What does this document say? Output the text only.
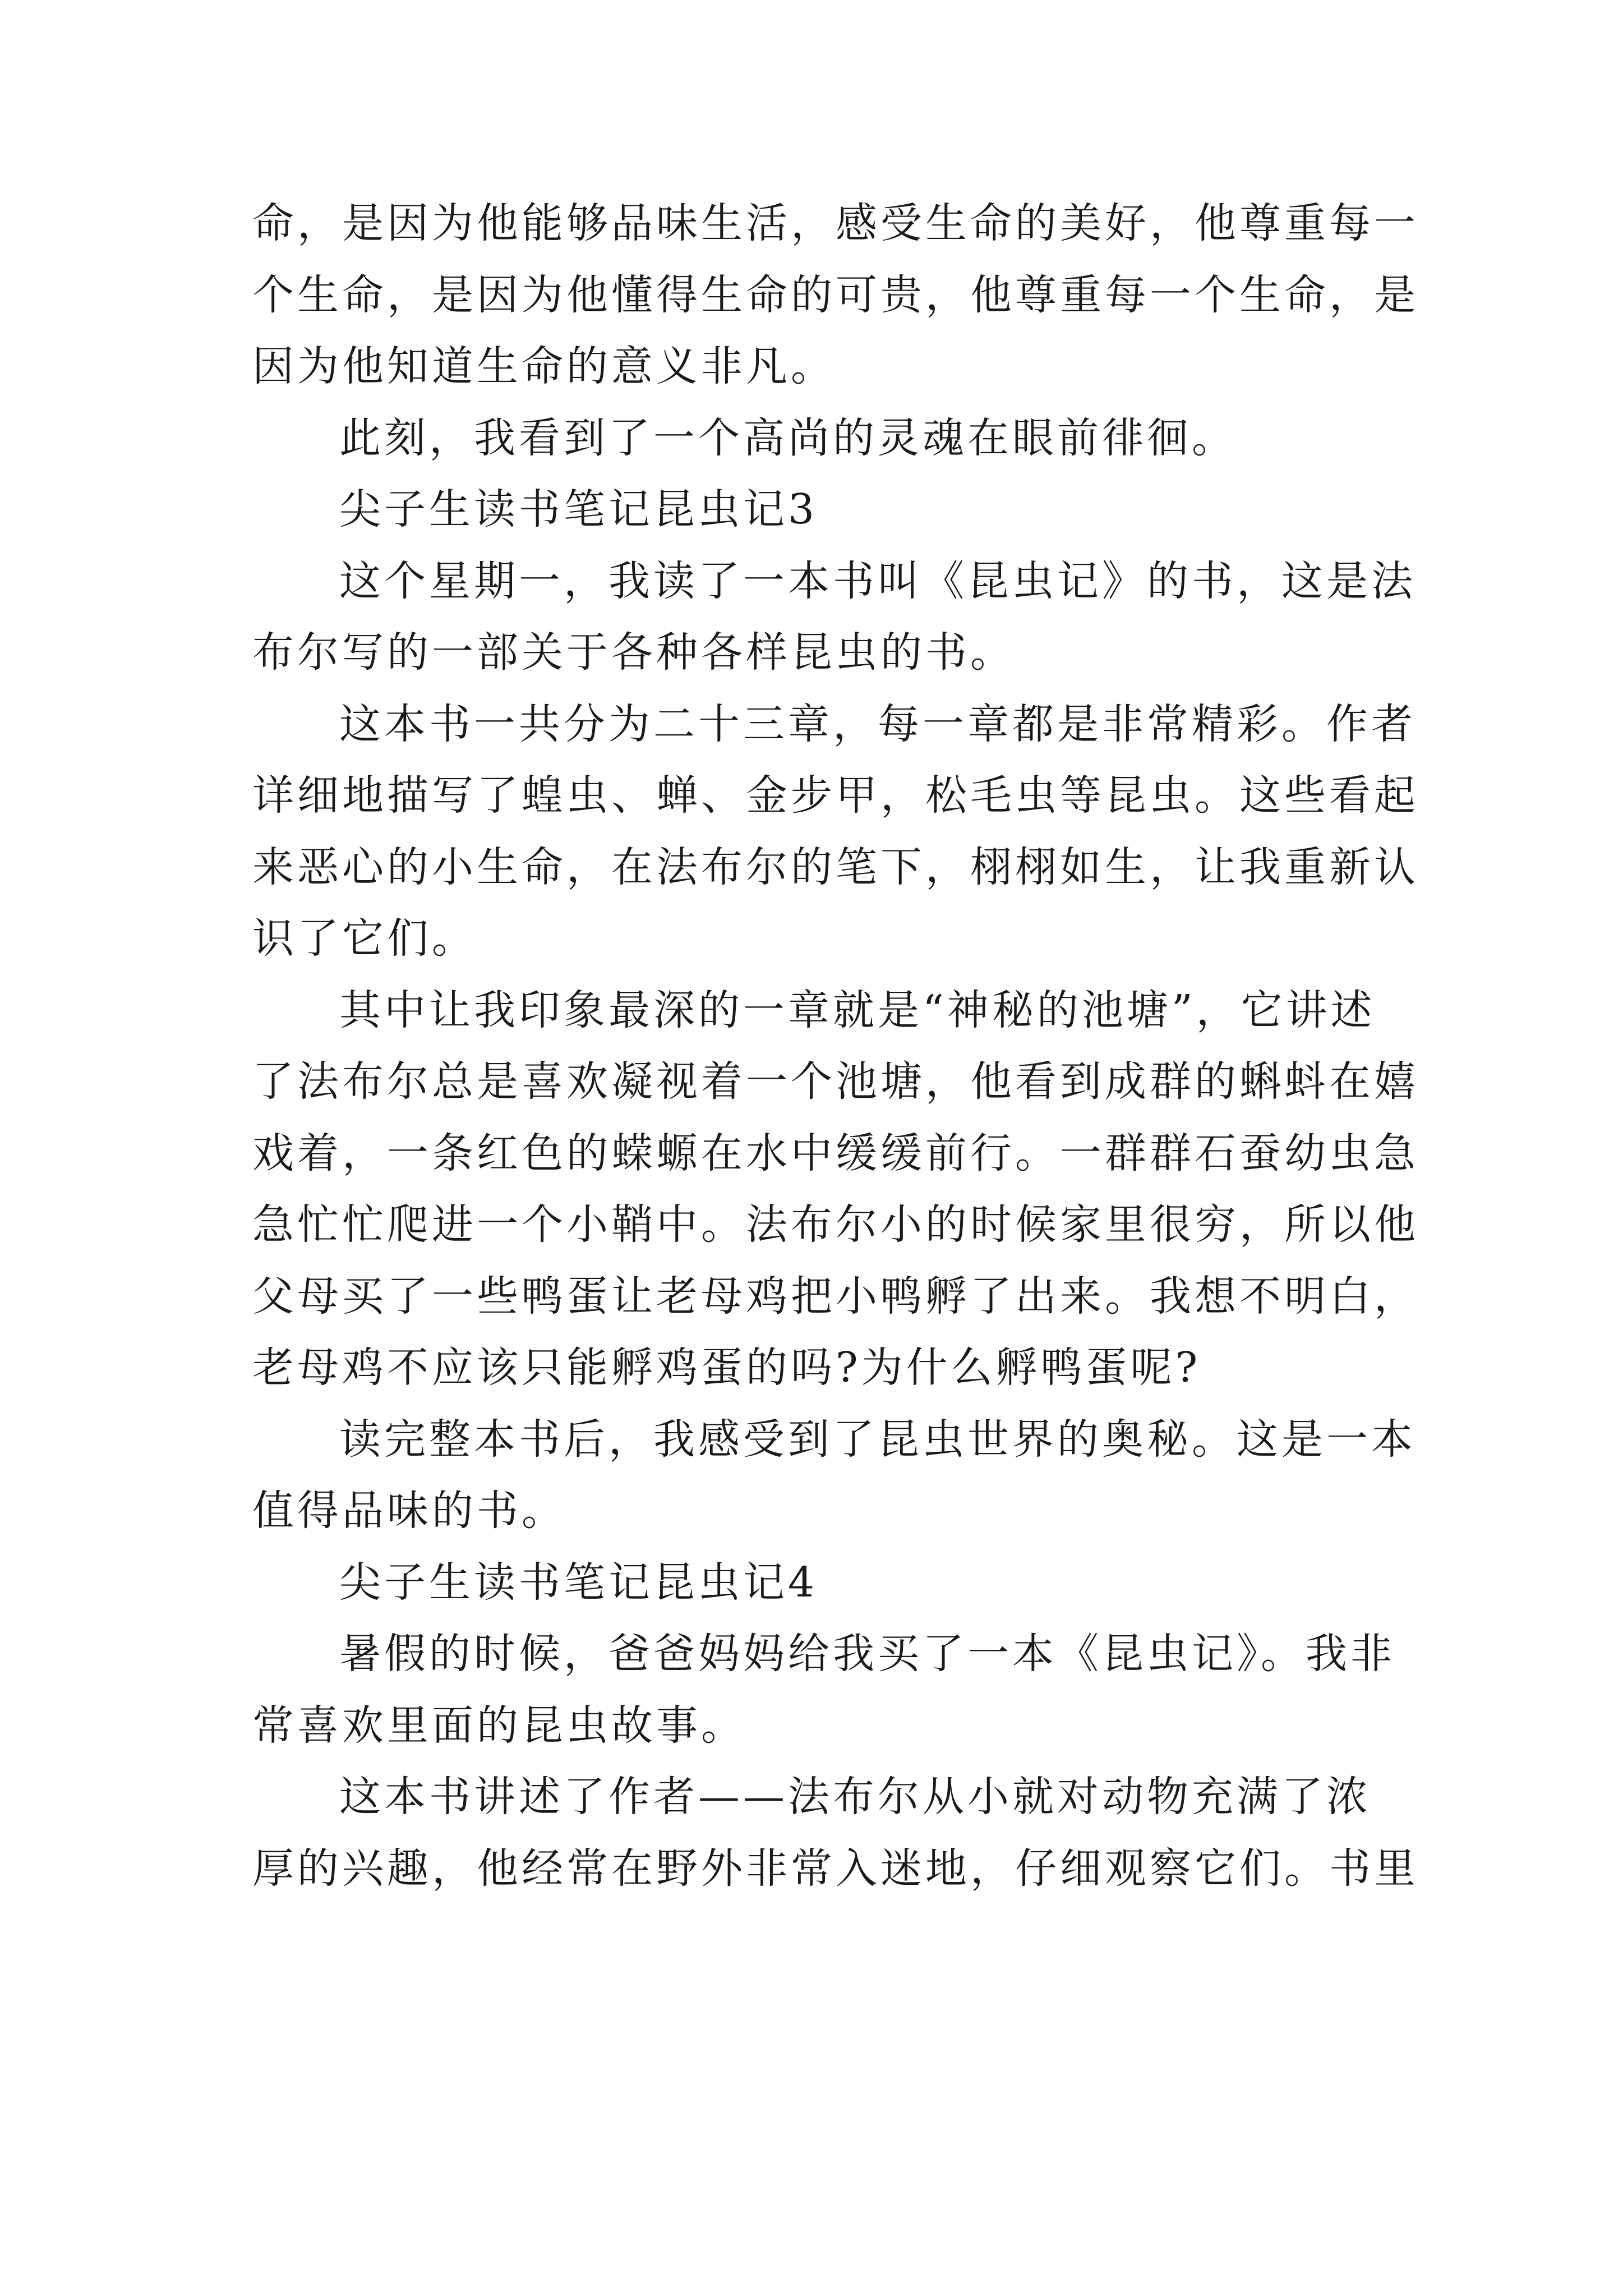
命，是因为他能够品味生活，感受生命的美好，他尊重每一
个生命，是因为他懂得生命的可贵，他尊重每一个生命，是
因为他知道生命的意义非凡。
此刻，我看到了一个高尚的灵魂在眼前徘徊。
尖子生读书笔记昆虫记3
这个星期一，我读了一本书叫《昆虫记》的书，这是法
布尔写的一部关于各种各样昆虫的书。
这本书一共分为二十三章，每一章都是非常精彩。作者
详细地描写了蝗虫、蝉、金步甲，松毛虫等昆虫。这些看起
来恶心的小生命，在法布尔的笔下，栩栩如生，让我重新认
识了它们。
其中让我印象最深的一章就是“神秘的池塘”，它讲述
了法布尔总是喜欢凝视着一个池塘，他看到成群的蝌蚪在嬉
戏着，一条红色的蝾螈在水中缓缓前行。一群群石蚕幼虫急
急忙忙爬进一个小鞘中。法布尔小的时候家里很穷，所以他
父母买了一些鸭蛋让老母鸡把小鸭孵了出来。我想不明白，
老母鸡不应该只能孵鸡蛋的吗?为什么孵鸭蛋呢?
读完整本书后，我感受到了昆虫世界的奥秘。这是一本
值得品味的书。
尖子生读书笔记昆虫记4
暑假的时候，爸爸妈妈给我买了一本《昆虫记》。我非
常喜欢里面的昆虫故事。
这本书讲述了作者——法布尔从小就对动物充满了浓
厚的兴趣，他经常在野外非常入迷地，仔细观察它们。书里
